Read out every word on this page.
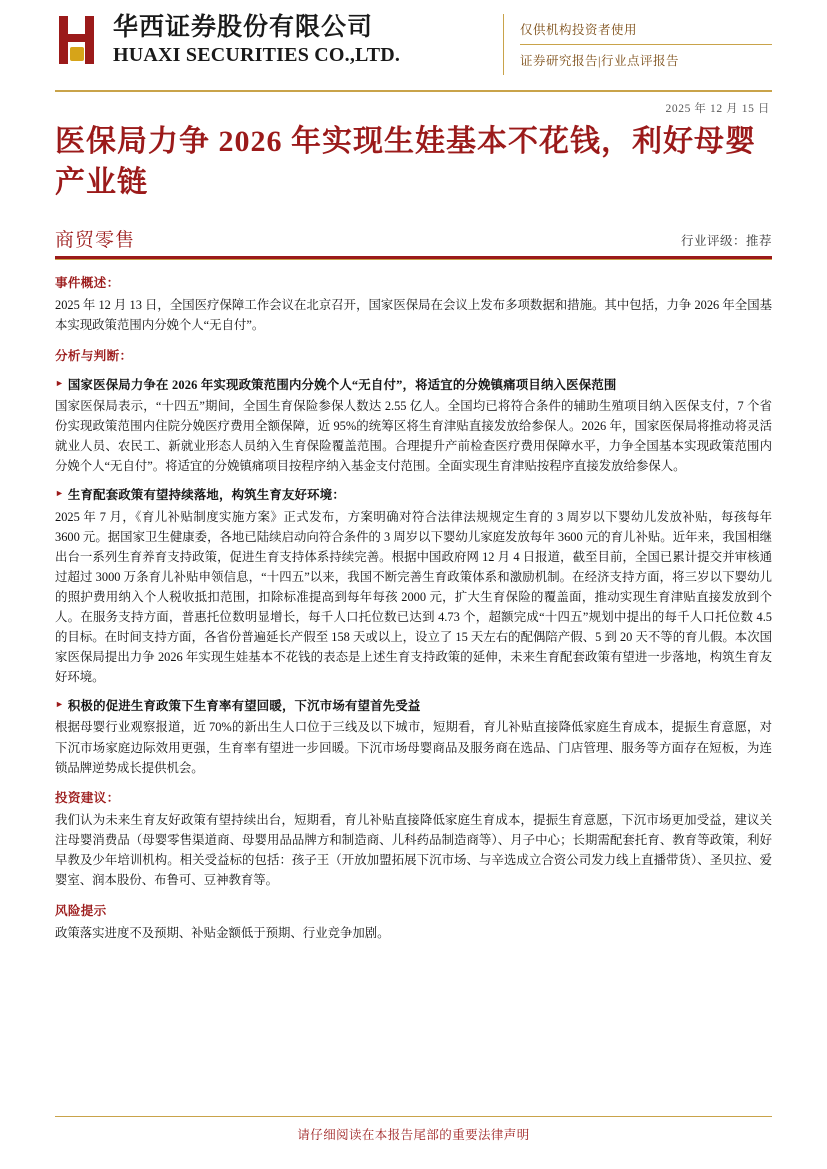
华西证券股份有限公司
HUAXI SECURITIES CO.,LTD.
仅供机构投资者使用
证券研究报告|行业点评报告
2025 年 12 月 15 日
医保局力争 2026 年实现生娃基本不花钱，利好母婴产业链
商贸零售	行业评级：推荐
事件概述：

2025 年 12 月 13 日，全国医疗保障工作会议在北京召开，国家医保局在会议上发布多项数据和措施。其中包括，力争 2026 年全国基本实现政策范围内分娩个人“无自付”。

分析与判断：
► 国家医保局力争在 2026 年实现政策范围内分娩个人“无自付”，将适宜的分娩镇痛项目纳入医保范围

国家医保局表示，“十四五”期间，全国生育保险参保人数达 2.55 亿人。全国均已将符合条件的辅助生殖项目纳入医保支付，7 个省份实现政策范围内住院分娩医疗费用全额保障，近 95%的统筹区将生育津贴直接发放给参保人。2026 年，国家医保局将推动将灵活就业人员、农民工、新就业形态人员纳入生育保险覆盖范围。合理提升产前检查医疗费用保障水平，力争全国基本实现政策范围内分娩个人“无自付”。将适宜的分娩镇痛项目按程序纳入基金支付范围。全面实现生育津贴按程序直接发放给参保人。

► 生育配套政策有望持续落地，构筑生育友好环境：

2025 年 7 月，《育儿补贴制度实施方案》正式发布，方案明确对符合法律法规规定生育的 3 周岁以下婴幼儿发放补贴，每孩每年 3600 元。据国家卫生健康委，各地已陆续启动向符合条件的 3 周岁以下婴幼儿家庭发放每年 3600 元的育儿补贴。近年来，我国相继出台一系列生育养育支持政策，促进生育支持体系持续完善。根据中国政府网 12 月 4 日报道，截至目前，全国已累计提交并审核通过超过 3000 万条育儿补贴申领信息，“十四五”以来，我国不断完善生育政策体系和激励机制。在经济支持方面，将三岁以下婴幼儿的照护费用纳入个人税收抵扣范围，扣除标准提高到每年每孩 2000 元，扩大生育保险的覆盖面，推动实现生育津贴直接发放到个人。在服务支持方面，普惠托位数明显增长，每千人口托位数已达到 4.73 个，超额完成“十四五”规划中提出的每千人口托位数 4.5 的目标。在时间支持方面，各省份普遍延长产假至 158 天或以上，设立了 15 天左右的配偶陪产假、5 到 20 天不等的育儿假。本次国家医保局提出力争 2026 年实现生娃基本不花钱的表态是上述生育支持政策的延伸，未来生育配套政策有望进一步落地，构筑生育友好环境。

► 积极的促进生育政策下生育率有望回暖，下沉市场有望首先受益

根据母婴行业观察报道，近 70%的新出生人口位于三线及以下城市，短期看，育儿补贴直接降低家庭生育成本，提振生育意愿，对下沉市场家庭边际效用更强，生育率有望进一步回暖。下沉市场母婴商品及服务商在选品、门店管理、服务等方面存在短板，为连锁品牌逆势成长提供机会。

投资建议：

我们认为未来生育友好政策有望持续出台，短期看，育儿补贴直接降低家庭生育成本，提振生育意愿，下沉市场更加受益，建议关注母婴消费品（母婴零售渠道商、母婴用品品牌方和制造商、儿科药品制造商等）、月子中心；长期需配套托育、教育等政策，利好早教及少年培训机构。相关受益标的包括：孩子王（开放加盟拓展下沉市场、与辛选成立合资公司发力线上直播带货）、圣贝拉、爱婴室、润本股份、布鲁可、豆神教育等。

风险提示

政策落实进度不及预期、补贴金额低于预期、行业竞争加剧。

请仔细阅读在本报告尾部的重要法律声明
